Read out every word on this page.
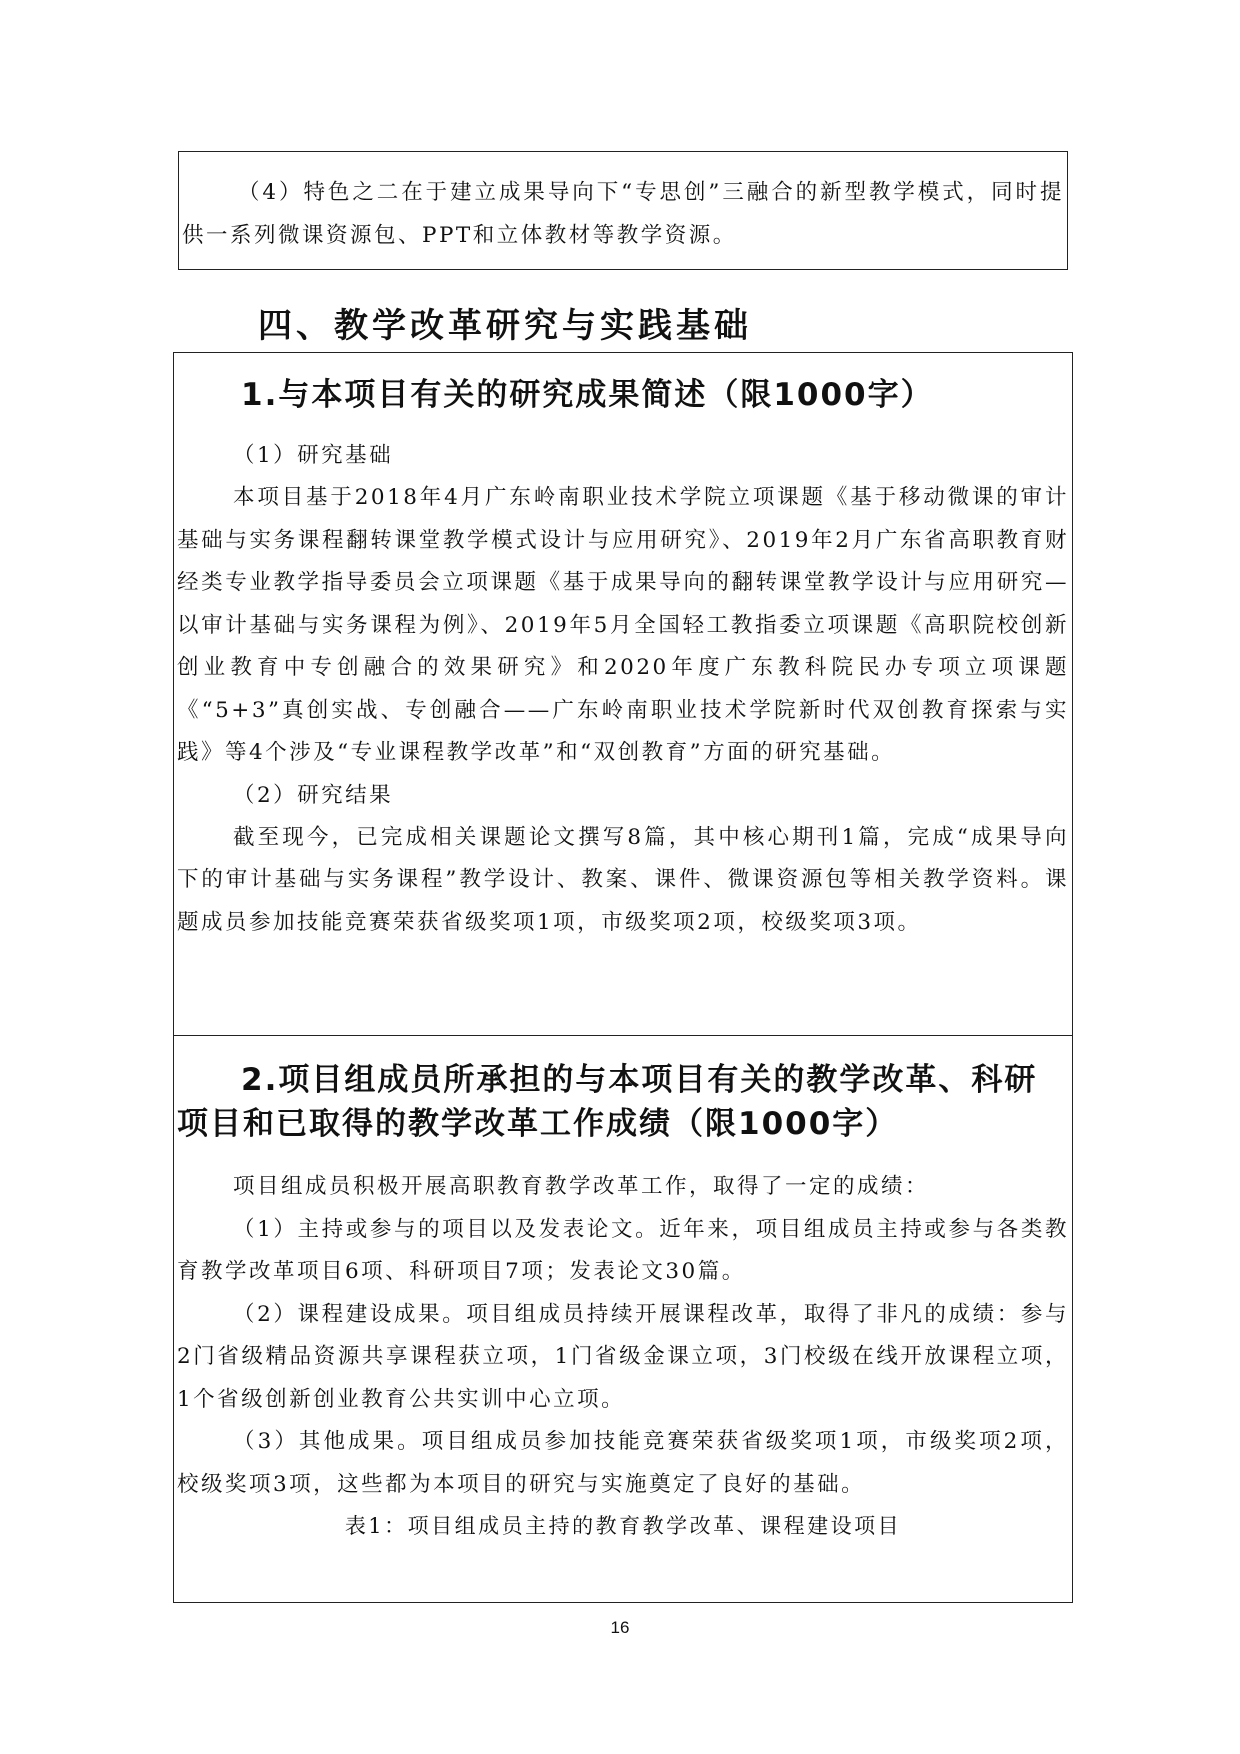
（4）特色之二在于建立成果导向下“专思创”三融合的新型教学模式，同时提供一系列微课资源包、PPT和立体教材等教学资源。

四、教学改革研究与实践基础

1.与本项目有关的研究成果简述（限1000字）

（1）研究基础

本项目基于2018年4月广东岭南职业技术学院立项课题《基于移动微课的审计基础与实务课程翻转课堂教学模式设计与应用研究》、2019年2月广东省高职教育财经类专业教学指导委员会立项课题《基于成果导向的翻转课堂教学设计与应用研究—以审计基础与实务课程为例》、2019年5月全国轻工教指委立项课题《高职院校创新创业教育中专创融合的效果研究》和2020年度广东教科院民办专项立项课题《“5+3”真创实战、专创融合——广东岭南职业技术学院新时代双创教育探索与实践》等4个涉及“专业课程教学改革”和“双创教育”方面的研究基础。

（2）研究结果

截至现今，已完成相关课题论文撰写8篇，其中核心期刊1篇，完成“成果导向下的审计基础与实务课程”教学设计、教案、课件、微课资源包等相关教学资料。课题成员参加技能竞赛荣获省级奖项1项，市级奖项2项，校级奖项3项。

2.项目组成员所承担的与本项目有关的教学改革、科研项目和已取得的教学改革工作成绩（限1000字）

项目组成员积极开展高职教育教学改革工作，取得了一定的成绩：

（1）主持或参与的项目以及发表论文。近年来，项目组成员主持或参与各类教育教学改革项目6项、科研项目7项；发表论文30篇。

（2）课程建设成果。项目组成员持续开展课程改革，取得了非凡的成绩：参与2门省级精品资源共享课程获立项，1门省级金课立项，3门校级在线开放课程立项，1个省级创新创业教育公共实训中心立项。

（3）其他成果。项目组成员参加技能竞赛荣获省级奖项1项，市级奖项2项，校级奖项3项，这些都为本项目的研究与实施奠定了良好的基础。

表1：项目组成员主持的教育教学改革、课程建设项目

16
